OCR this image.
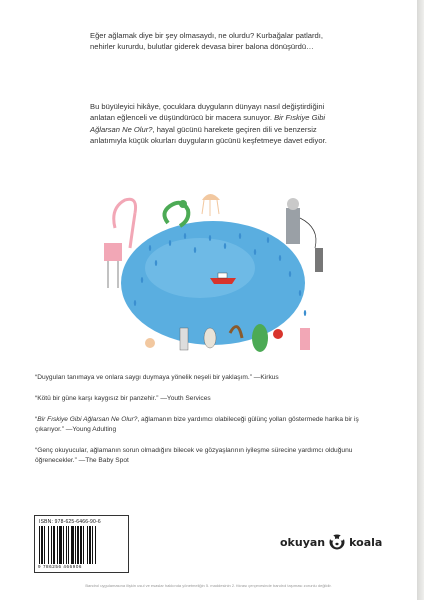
Eğer ağlamak diye bir şey olmasaydı, ne olurdu? Kurbağalar patlardı, nehirler kururdu, bulutlar giderek devasa birer balona dönüşürdü…

Bu büyüleyici hikâye, çocuklara duyguların dünyayı nasıl değiştirdiğini anlatan eğlenceli ve düşündürücü bir macera sunuyor. Bir Fıskiye Gibi Ağlarsan Ne Olur?, hayal gücünü harekete geçiren dili ve benzersiz anlatımıyla küçük okurları duyguların gücünü keşfetmeye davet ediyor.

“Duyguları tanımaya ve onlara saygı duymaya yönelik neşeli bir yaklaşım.” —Kirkus

“Kötü bir güne karşı kaygısız bir panzehir.” —Youth Services

“Bir Fıskiye Gibi Ağlarsan Ne Olur?, ağlamanın bize yardımcı olabileceği gülünç yolları göstermede harika bir iş çıkarıyor.” —Young Adulting

“Genç okuyucular, ağlamanın sorun olmadığını bilecek ve gözyaşlarının iyileşme sürecine yardımcı olduğunu öğrenecekler.” —The Baby Spot

ISBN: 978-625-6466-90-6
9 786256 466906
okuyan koala
Bandrol uygulamasına ilişkin usul ve esaslar hakkında yönetmeliğin 5. maddesinin 2. fıkrası çerçevesinde bandrol taşıması zorunlu değildir.
